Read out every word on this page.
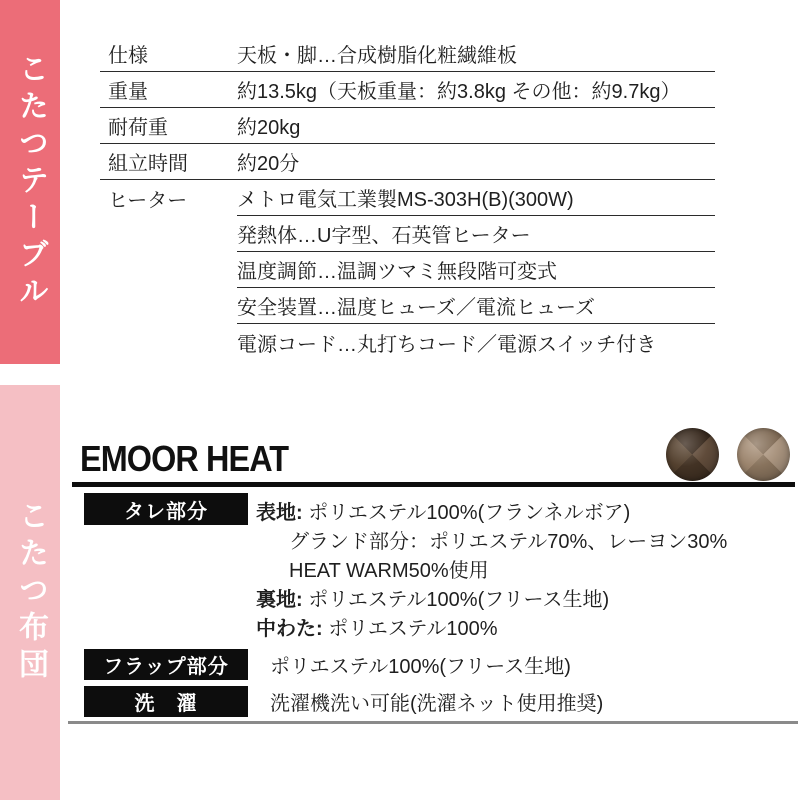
こたつテーブル
こたつ布団
仕様	天板・脚…合成樹脂化粧繊維板
重量	約13.5kg（天板重量：約3.8kg その他：約9.7kg）
耐荷重	約20kg
組立時間	約20分
ヒーター	メトロ電気工業製MS-303H(B)(300W)
発熱体…U字型、石英管ヒーター
温度調節…温調ツマミ無段階可変式
安全装置…温度ヒューズ／電流ヒューズ
電源コード…丸打ちコード／電源スイッチ付き
EMOOR HEAT
タレ部分	表地: ポリエステル100%(フランネルボア)
グランド部分：ポリエステル70%、レーヨン30%
HEAT WARM50%使用
裏地: ポリエステル100%(フリース生地)
中わた: ポリエステル100%
フラップ部分	ポリエステル100%(フリース生地)
洗　濯	洗濯機洗い可能(洗濯ネット使用推奨)
